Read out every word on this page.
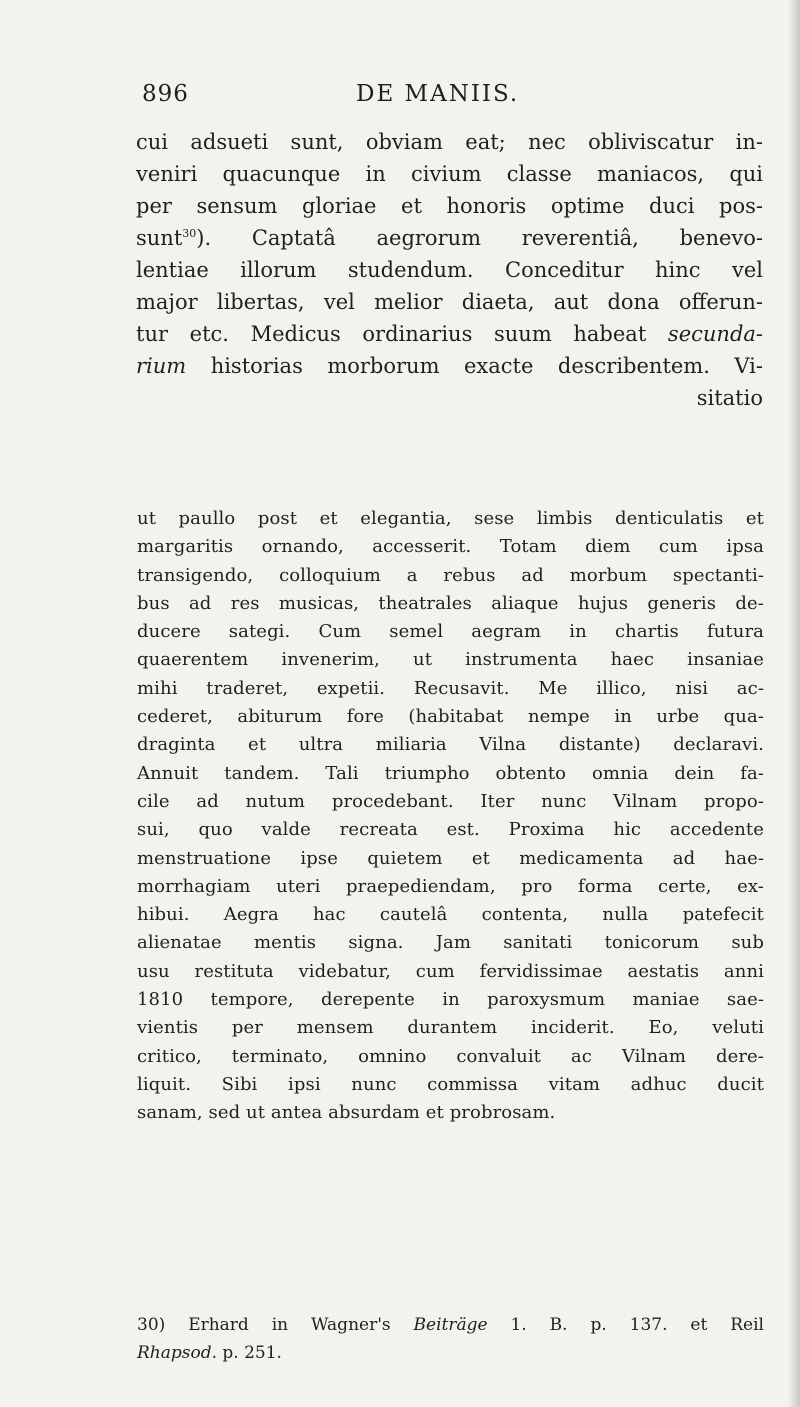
896	DE MANIIS.
cui adsueti sunt, obviam eat; nec obliviscatur in-
veniri quacunque in civium classe maniacos, qui
per sensum gloriae et honoris optime duci pos-
sunt$^{30}$). Captatâ aegrorum reverentiâ, benevo-
lentiae illorum studendum. Conceditur hinc vel
major libertas, vel melior diaeta, aut dona offerun-
tur etc. Medicus ordinarius suum habeat secunda-
rium historias morborum exacte describentem. Vi-
sitatio
ut paullo post et elegantia, sese limbis denticulatis et
margaritis ornando, accesserit. Totam diem cum ipsa
transigendo, colloquium a rebus ad morbum spectanti-
bus ad res musicas, theatrales aliaque hujus generis de-
ducere sategi. Cum semel aegram in chartis futura
quaerentem invenerim, ut instrumenta haec insaniae
mihi traderet, expetii. Recusavit. Me illico, nisi ac-
cederet, abiturum fore (habitabat nempe in urbe qua-
draginta et ultra miliaria Vilna distante) declaravi.
Annuit tandem. Tali triumpho obtento omnia dein fa-
cile ad nutum procedebant. Iter nunc Vilnam propo-
sui, quo valde recreata est. Proxima hic accedente
menstruatione ipse quietem et medicamenta ad hae-
morrhagiam uteri praepediendam, pro forma certe, ex-
hibui. Aegra hac cautelâ contenta, nulla patefecit
alienatae mentis signa. Jam sanitati tonicorum sub
usu restituta videbatur, cum fervidissimae aestatis anni
1810 tempore, derepente in paroxysmum maniae sae-
vientis per mensem durantem inciderit. Eo, veluti
critico, terminato, omnino convaluit ac Vilnam dere-
liquit. Sibi ipsi nunc commissa vitam adhuc ducit
sanam, sed ut antea absurdam et probrosam.
30) Erhard in Wagner's Beiträge 1. B. p. 137. et Reil
Rhapsod. p. 251.
